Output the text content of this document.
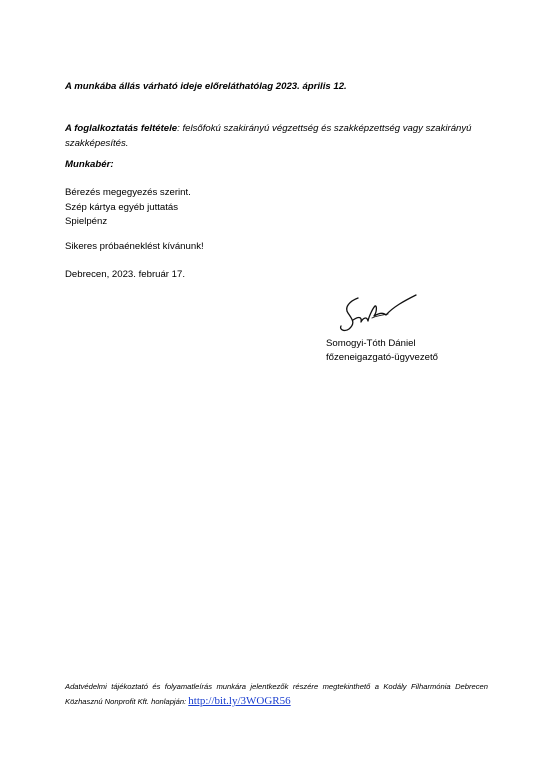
A munkába állás várható ideje előreláthatólag 2023. április 12.
A foglalkoztatás feltétele: felsőfokú szakirányú végzettség és szakképzettség vagy szakirányú szakképesítés.
Munkabér:
Bérezés megegyezés szerint.
Szép kártya egyéb juttatás
Spielpénz
Sikeres próbaéneklést kívánunk!
Debrecen, 2023. február 17.
Somogyi-Tóth Dániel
főzeneigazgató-ügyvezető
Adatvédelmi tájékoztató és folyamatleírás munkára jelentkezők részére megtekinthető a Kodály Filharmónia Debrecen Közhasznú Nonprofit Kft. honlapján: http://bit.ly/3WOGR56
